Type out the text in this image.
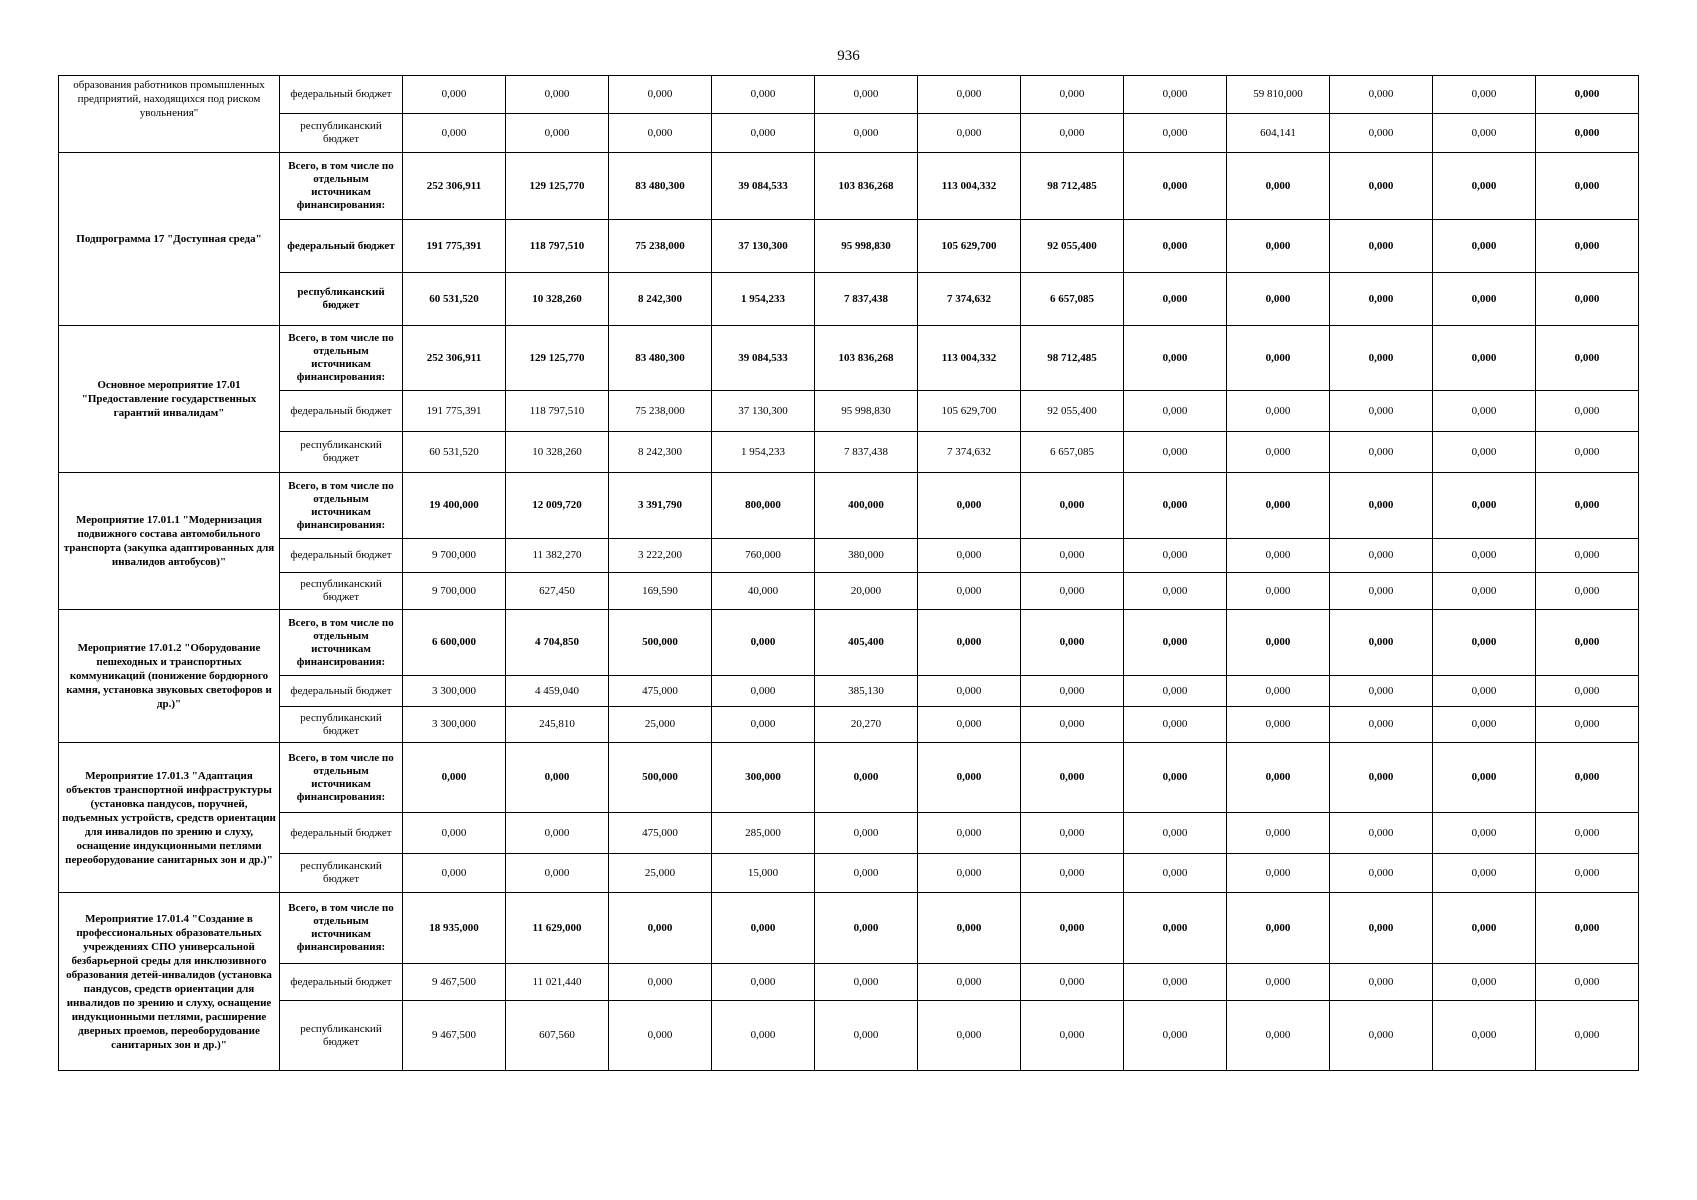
936
образования работников промышленных предприятий, находящихся под риском увольнения"	федеральный бюджет	0,000	0,000	0,000	0,000	0,000	0,000	0,000	0,000	59 810,000	0,000	0,000	0,000
	республиканский бюджет	0,000	0,000	0,000	0,000	0,000	0,000	0,000	0,000	604,141	0,000	0,000	0,000
Подпрограмма 17 "Доступная среда"	Всего, в том числе по отдельным источникам финансирования:	252 306,911	129 125,770	83 480,300	39 084,533	103 836,268	113 004,332	98 712,485	0,000	0,000	0,000	0,000	0,000
	федеральный бюджет	191 775,391	118 797,510	75 238,000	37 130,300	95 998,830	105 629,700	92 055,400	0,000	0,000	0,000	0,000	0,000
	республиканский бюджет	60 531,520	10 328,260	8 242,300	1 954,233	7 837,438	7 374,632	6 657,085	0,000	0,000	0,000	0,000	0,000
Основное мероприятие 17.01 "Предоставление государственных гарантий инвалидам"	Всего, в том числе по отдельным источникам финансирования:	252 306,911	129 125,770	83 480,300	39 084,533	103 836,268	113 004,332	98 712,485	0,000	0,000	0,000	0,000	0,000
	федеральный бюджет	191 775,391	118 797,510	75 238,000	37 130,300	95 998,830	105 629,700	92 055,400	0,000	0,000	0,000	0,000	0,000
	республиканский бюджет	60 531,520	10 328,260	8 242,300	1 954,233	7 837,438	7 374,632	6 657,085	0,000	0,000	0,000	0,000	0,000
Мероприятие 17.01.1 "Модернизация подвижного состава автомобильного транспорта (закупка адаптированных для инвалидов автобусов)"	Всего, в том числе по отдельным источникам финансирования:	19 400,000	12 009,720	3 391,790	800,000	400,000	0,000	0,000	0,000	0,000	0,000	0,000	0,000
	федеральный бюджет	9 700,000	11 382,270	3 222,200	760,000	380,000	0,000	0,000	0,000	0,000	0,000	0,000	0,000
	республиканский бюджет	9 700,000	627,450	169,590	40,000	20,000	0,000	0,000	0,000	0,000	0,000	0,000	0,000
Мероприятие 17.01.2 "Оборудование пешеходных и транспортных коммуникаций (понижение бордюрного камня, установка звуковых светофоров и др.)"	Всего, в том числе по отдельным источникам финансирования:	6 600,000	4 704,850	500,000	0,000	405,400	0,000	0,000	0,000	0,000	0,000	0,000	0,000
	федеральный бюджет	3 300,000	4 459,040	475,000	0,000	385,130	0,000	0,000	0,000	0,000	0,000	0,000	0,000
	республиканский бюджет	3 300,000	245,810	25,000	0,000	20,270	0,000	0,000	0,000	0,000	0,000	0,000	0,000
Мероприятие 17.01.3 "Адаптация объектов транспортной инфраструктуры (установка пандусов, поручней, подъемных устройств, средств ориентации для инвалидов по зрению и слуху, оснащение индукционными петлями переоборудование санитарных зон и др.)"	Всего, в том числе по отдельным источникам финансирования:	0,000	0,000	500,000	300,000	0,000	0,000	0,000	0,000	0,000	0,000	0,000	0,000
	федеральный бюджет	0,000	0,000	475,000	285,000	0,000	0,000	0,000	0,000	0,000	0,000	0,000	0,000
	республиканский бюджет	0,000	0,000	25,000	15,000	0,000	0,000	0,000	0,000	0,000	0,000	0,000	0,000
Мероприятие 17.01.4 "Создание в профессиональных образовательных учреждениях СПО универсальной безбарьерной среды для инклюзивного образования детей-инвалидов (установка пандусов, средств ориентации для инвалидов по зрению и слуху, оснащение индукционными петлями, расширение дверных проемов, переоборудование санитарных зон и др.)"	Всего, в том числе по отдельным источникам финансирования:	18 935,000	11 629,000	0,000	0,000	0,000	0,000	0,000	0,000	0,000	0,000	0,000	0,000
	федеральный бюджет	9 467,500	11 021,440	0,000	0,000	0,000	0,000	0,000	0,000	0,000	0,000	0,000	0,000
	республиканский бюджет	9 467,500	607,560	0,000	0,000	0,000	0,000	0,000	0,000	0,000	0,000	0,000	0,000
